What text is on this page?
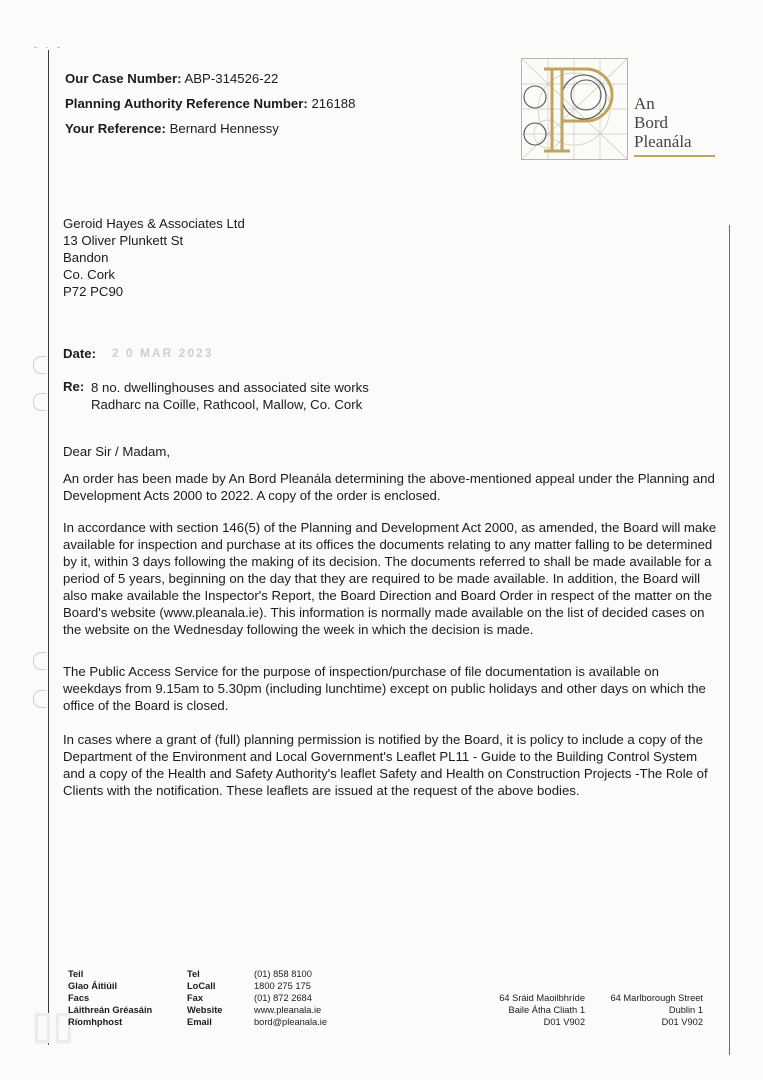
- · -
Our Case Number: ABP-314526-22
Planning Authority Reference Number: 216188
Your Reference: Bernard Hennessy
An
Bord
Pleanála
Geroid Hayes & Associates Ltd
13 Oliver Plunkett St
Bandon
Co. Cork
P72 PC90
Date: 2 0 MAR 2023
Re: 8 no. dwellinghouses and associated site works
Radharc na Coille, Rathcool, Mallow, Co. Cork
Dear Sir / Madam,
An order has been made by An Bord Pleanála determining the above-mentioned appeal under the Planning and Development Acts 2000 to 2022. A copy of the order is enclosed.
In accordance with section 146(5) of the Planning and Development Act 2000, as amended, the Board will make available for inspection and purchase at its offices the documents relating to any matter falling to be determined by it, within 3 days following the making of its decision. The documents referred to shall be made available for a period of 5 years, beginning on the day that they are required to be made available. In addition, the Board will also make available the Inspector's Report, the Board Direction and Board Order in respect of the matter on the Board's website (www.pleanala.ie). This information is normally made available on the list of decided cases on the website on the Wednesday following the week in which the decision is made.
The Public Access Service for the purpose of inspection/purchase of file documentation is available on weekdays from 9.15am to 5.30pm (including lunchtime) except on public holidays and other days on which the office of the Board is closed.
In cases where a grant of (full) planning permission is notified by the Board, it is policy to include a copy of the Department of the Environment and Local Government's Leaflet PL11 - Guide to the Building Control System and a copy of the Health and Safety Authority's leaflet Safety and Health on Construction Projects -The Role of Clients with the notification. These leaflets are issued at the request of the above bodies.
▯▯
Teil
Glao Áitiúil
Facs
Láithreán Gréasáin
Ríomhphost
Tel
LoCall
Fax
Website
Email
(01) 858 8100
1800 275 175
(01) 872 2684
www.pleanala.ie
bord@pleanala.ie
64 Sráid Maoilbhríde
Baile Átha Cliath 1
D01 V902
64 Marlborough Street
Dublin 1
D01 V902
